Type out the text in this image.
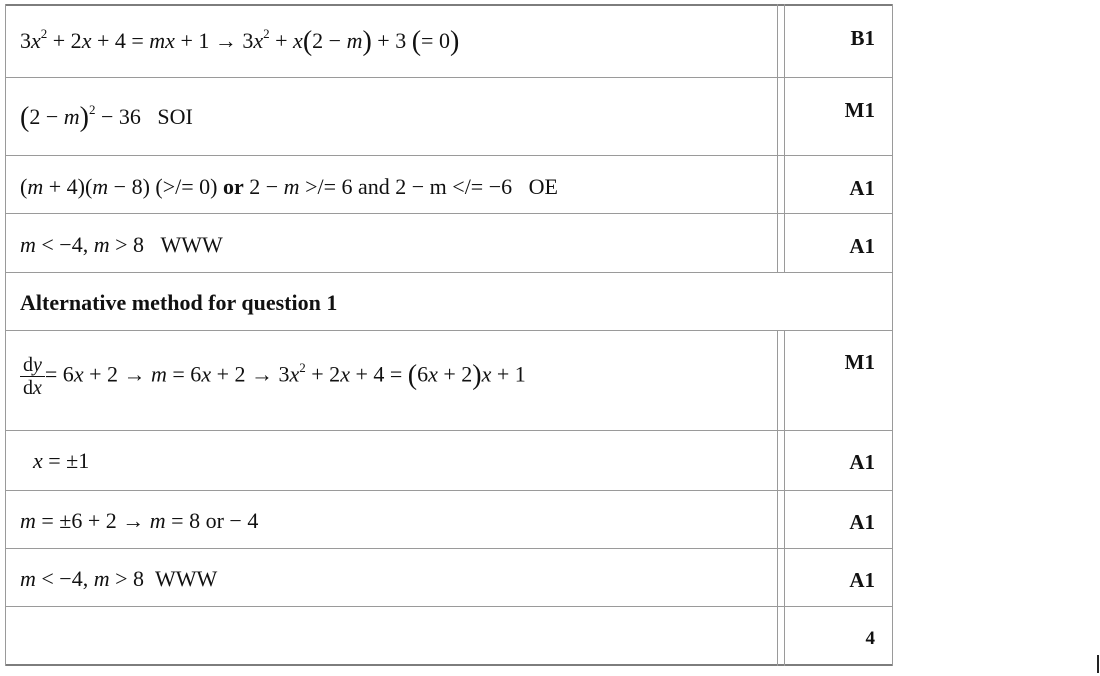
$3x^2 + 2x + 4$ = mx + $1 \to 3x^2 + x(2 - m) + 3$ (= 0)	B1
$(2 - m)^2 - 36$   SOI	M1
(m + 4)(m − 8) (>/= 0) or 2 − m >/= 6 and 2 − m </= −6 OE	A1
m < −4, m > 8   WWW	A1
Alternative method for question 1
$\frac{dy}{dx} = 6x + 2 \to m = 6x + 2 \to 3x^2 + 2x + 4 = (6x + 2)x + 1$	M1
x = ±1	A1
m = ±6 + 2 → m = 8 or − 4	A1
m < −4, m > 8  WWW	A1
4
